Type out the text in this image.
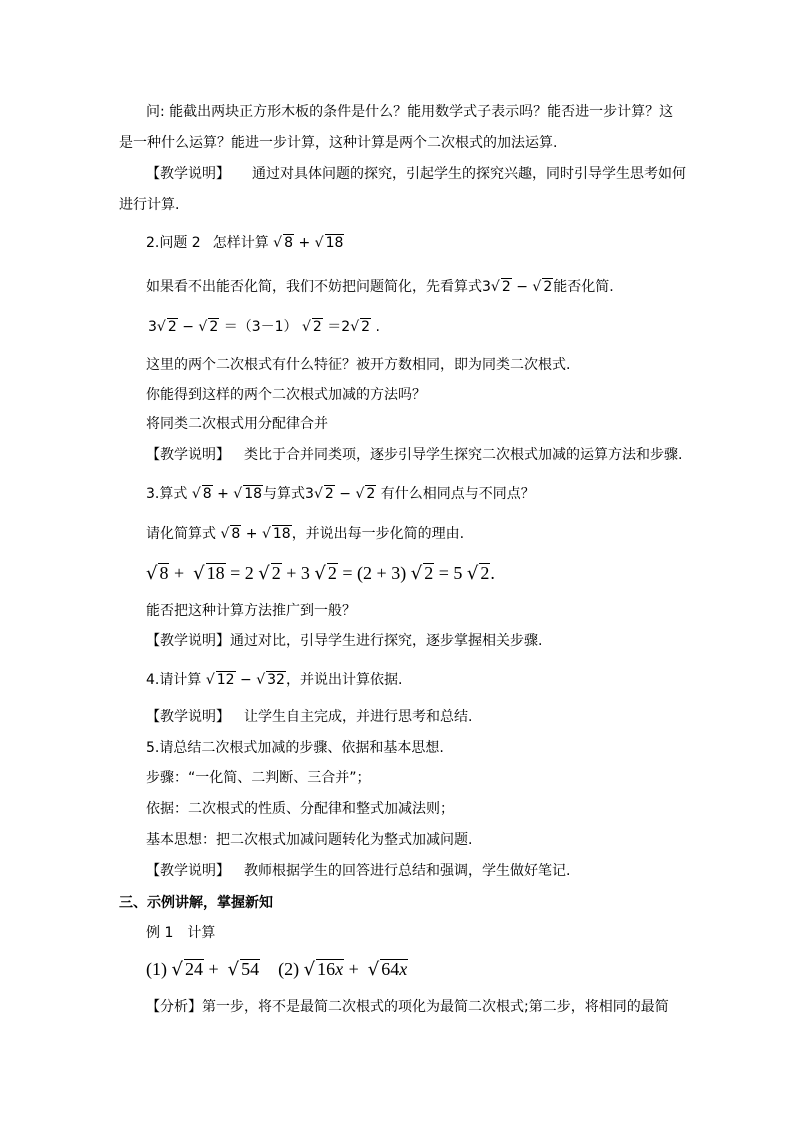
问: 能截出两块正方形木板的条件是什么？能用数学式子表示吗？能否进一步计算？这
是一种什么运算？能进一步计算，这种计算是两个二次根式的加法运算.
【教学说明】 通过对具体问题的探究，引起学生的探究兴趣，同时引导学生思考如何
进行计算.
2.问题 2 怎样计算 √ 8 + √ 18
如果看不出能否化简，我们不妨把问题简化，先看算式3√ 2 − √ 2能否化简.
3√ 2 − √ 2 ＝（3－1） √ 2 ＝2√ 2 .
这里的两个二次根式有什么特征？被开方数相同，即为同类二次根式.
你能得到这样的两个二次根式加减的方法吗？
将同类二次根式用分配律合并
【教学说明】 类比于合并同类项，逐步引导学生探究二次根式加减的运算方法和步骤.
3.算式 √ 8 + √ 18与算式3√ 2 − √ 2 有什么相同点与不同点？
请化简算式 √ 8 + √ 18，并说出每一步化简的理由.
√ 8 + √ 18 = 2 √ 2 + 3 √ 2 = (2 + 3) √ 2 = 5 √ 2.
能否把这种计算方法推广到一般？
【教学说明】通过对比，引导学生进行探究，逐步掌握相关步骤.
4.请计算 √ 12 − √ 32，并说出计算依据.
【教学说明】 让学生自主完成，并进行思考和总结.
5.请总结二次根式加减的步骤、依据和基本思想.
步骤：“一化简、二判断、三合并”；
依据：二次根式的性质、分配律和整式加减法则；
基本思想：把二次根式加减问题转化为整式加减问题.
【教学说明】 教师根据学生的回答进行总结和强调，学生做好笔记.
三、示例讲解，掌握新知
例 1　计算
(1) √ 24 + √ 54 (2) √ 16x + √ 64x
【分析】第一步，将不是最简二次根式的项化为最简二次根式;第二步，将相同的最简
